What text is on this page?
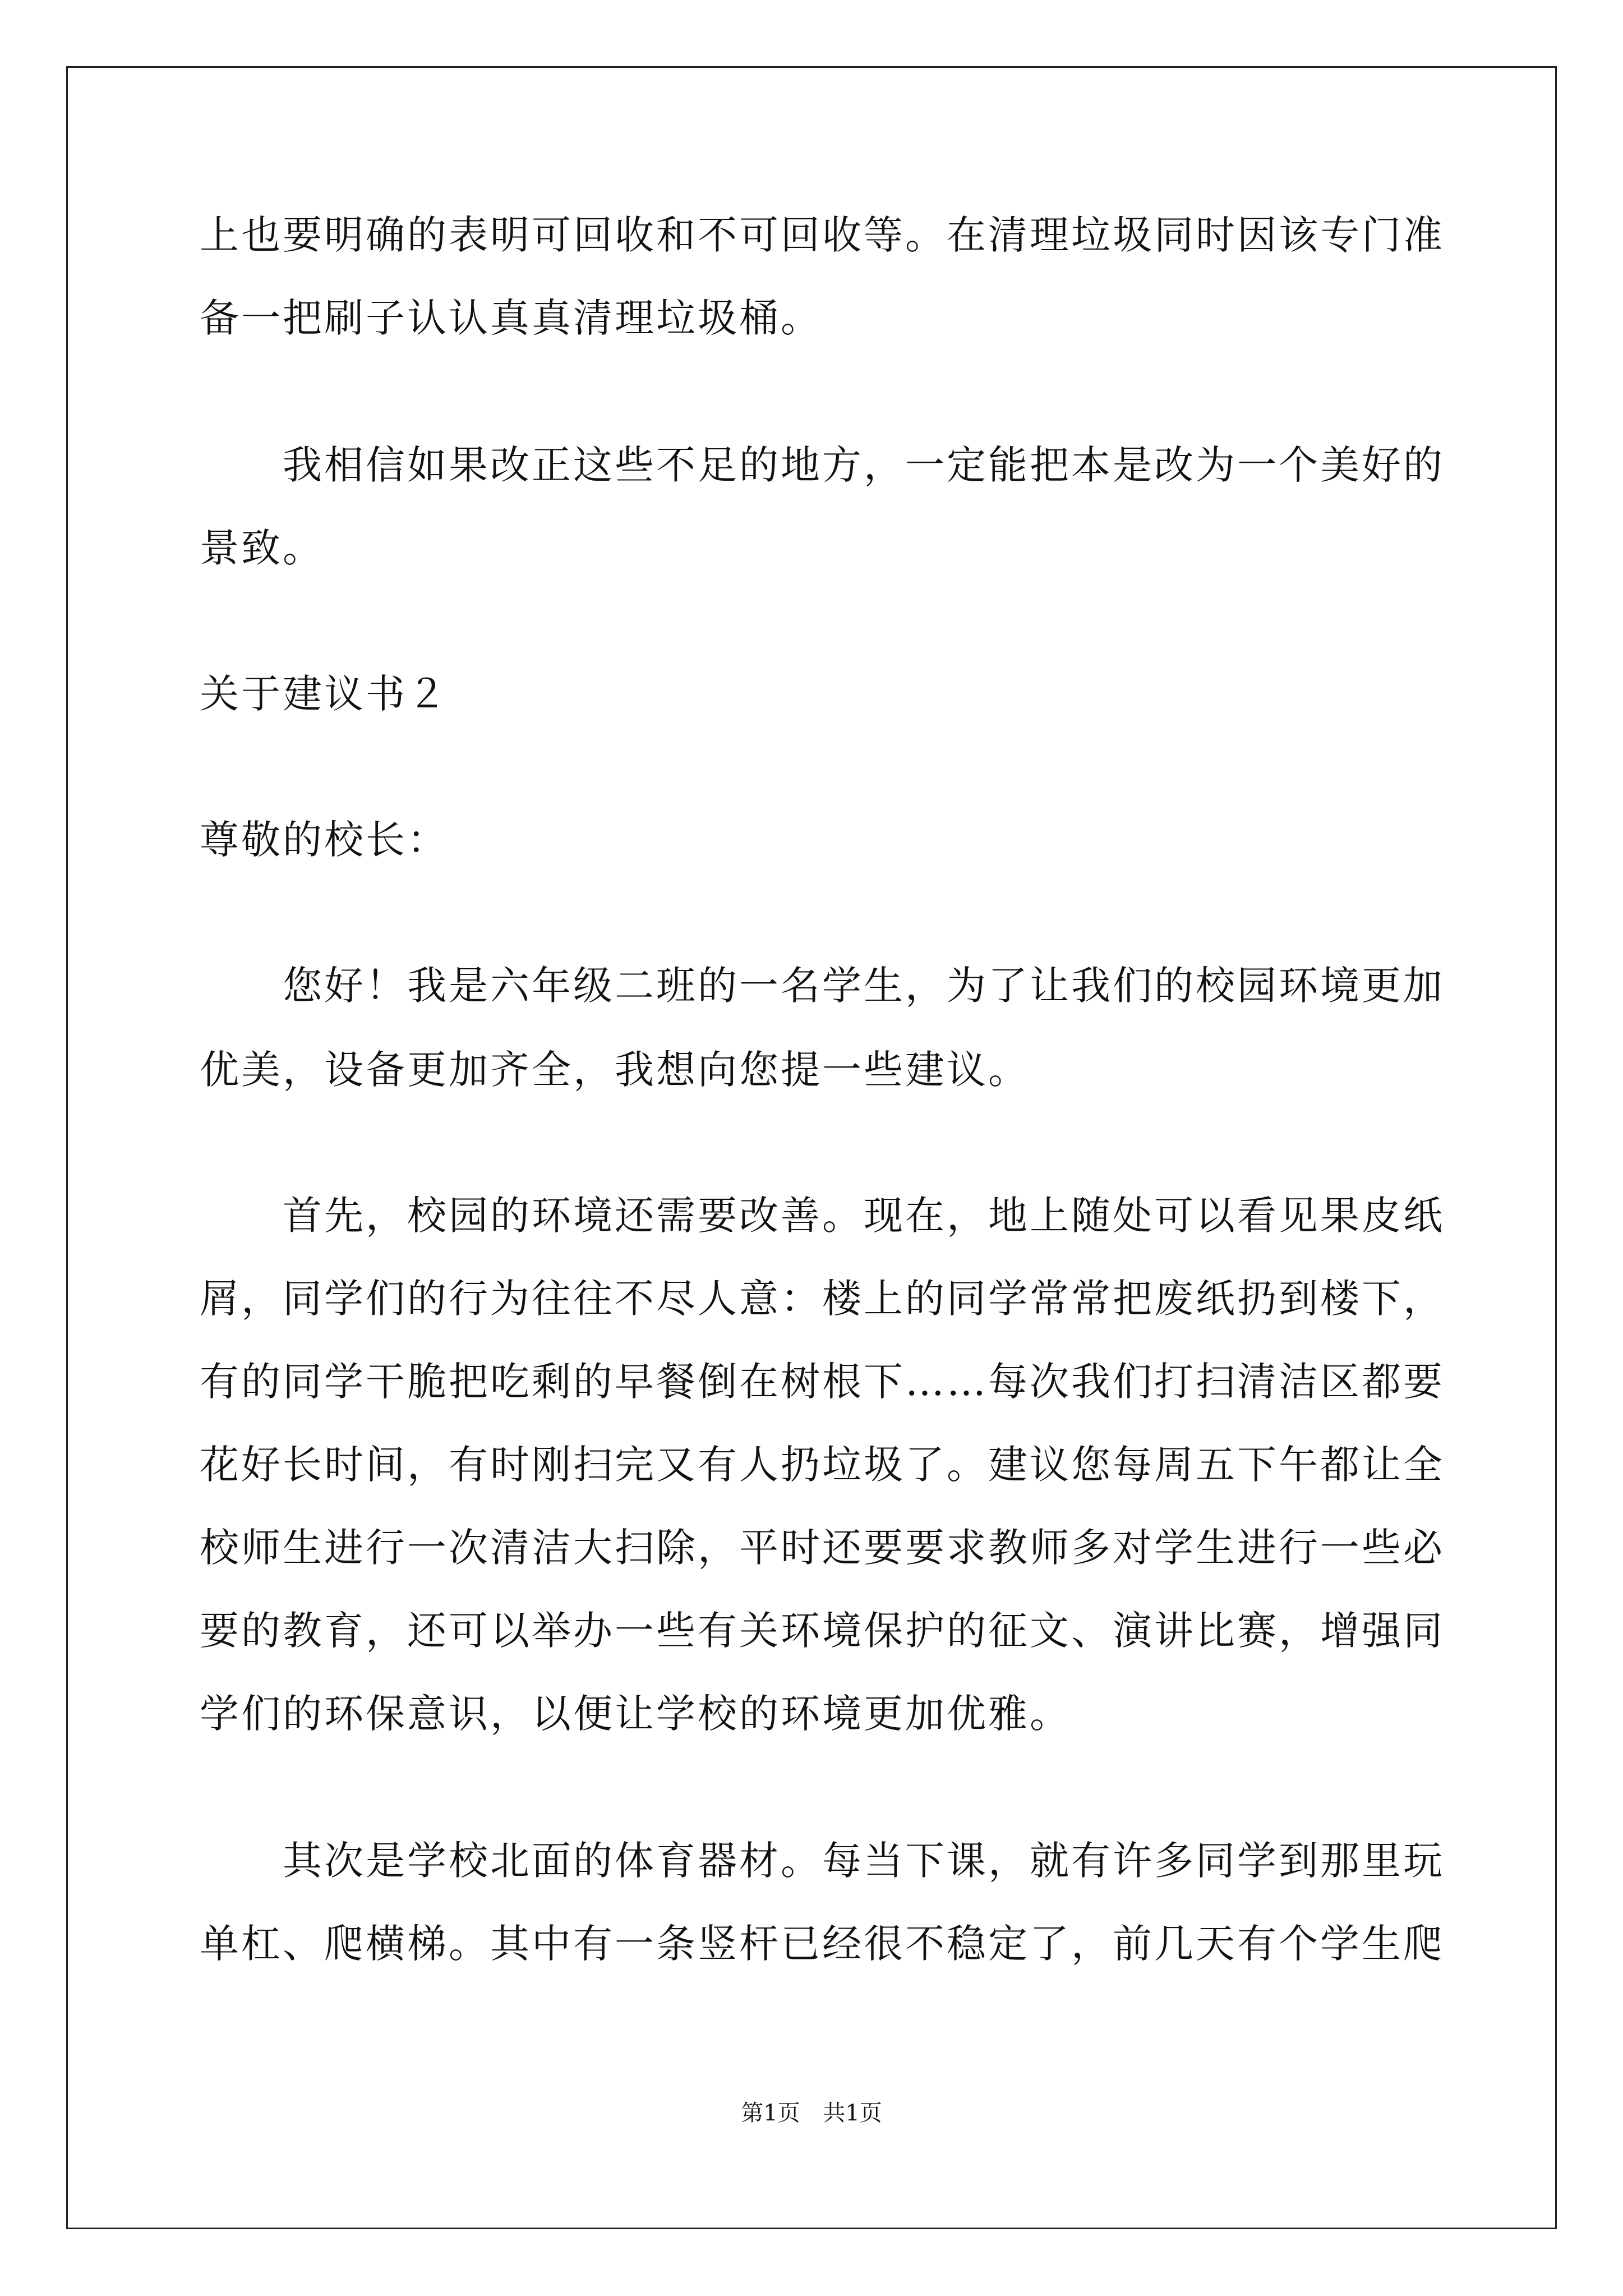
上也要明确的表明可回收和不可回收等。在清理垃圾同时因该专门准
备一把刷子认认真真清理垃圾桶。
我相信如果改正这些不足的地方，一定能把本是改为一个美好的
景致。
关于建议书２
尊敬的校长：
您好！我是六年级二班的一名学生，为了让我们的校园环境更加
优美，设备更加齐全，我想向您提一些建议。
首先，校园的环境还需要改善。现在，地上随处可以看见果皮纸
屑，同学们的行为往往不尽人意：楼上的同学常常把废纸扔到楼下，
有的同学干脆把吃剩的早餐倒在树根下……每次我们打扫清洁区都要
花好长时间，有时刚扫完又有人扔垃圾了。建议您每周五下午都让全
校师生进行一次清洁大扫除，平时还要要求教师多对学生进行一些必
要的教育，还可以举办一些有关环境保护的征文、演讲比赛，增强同
学们的环保意识，以便让学校的环境更加优雅。
其次是学校北面的体育器材。每当下课，就有许多同学到那里玩
单杠、爬横梯。其中有一条竖杆已经很不稳定了，前几天有个学生爬
第1页 共1页
